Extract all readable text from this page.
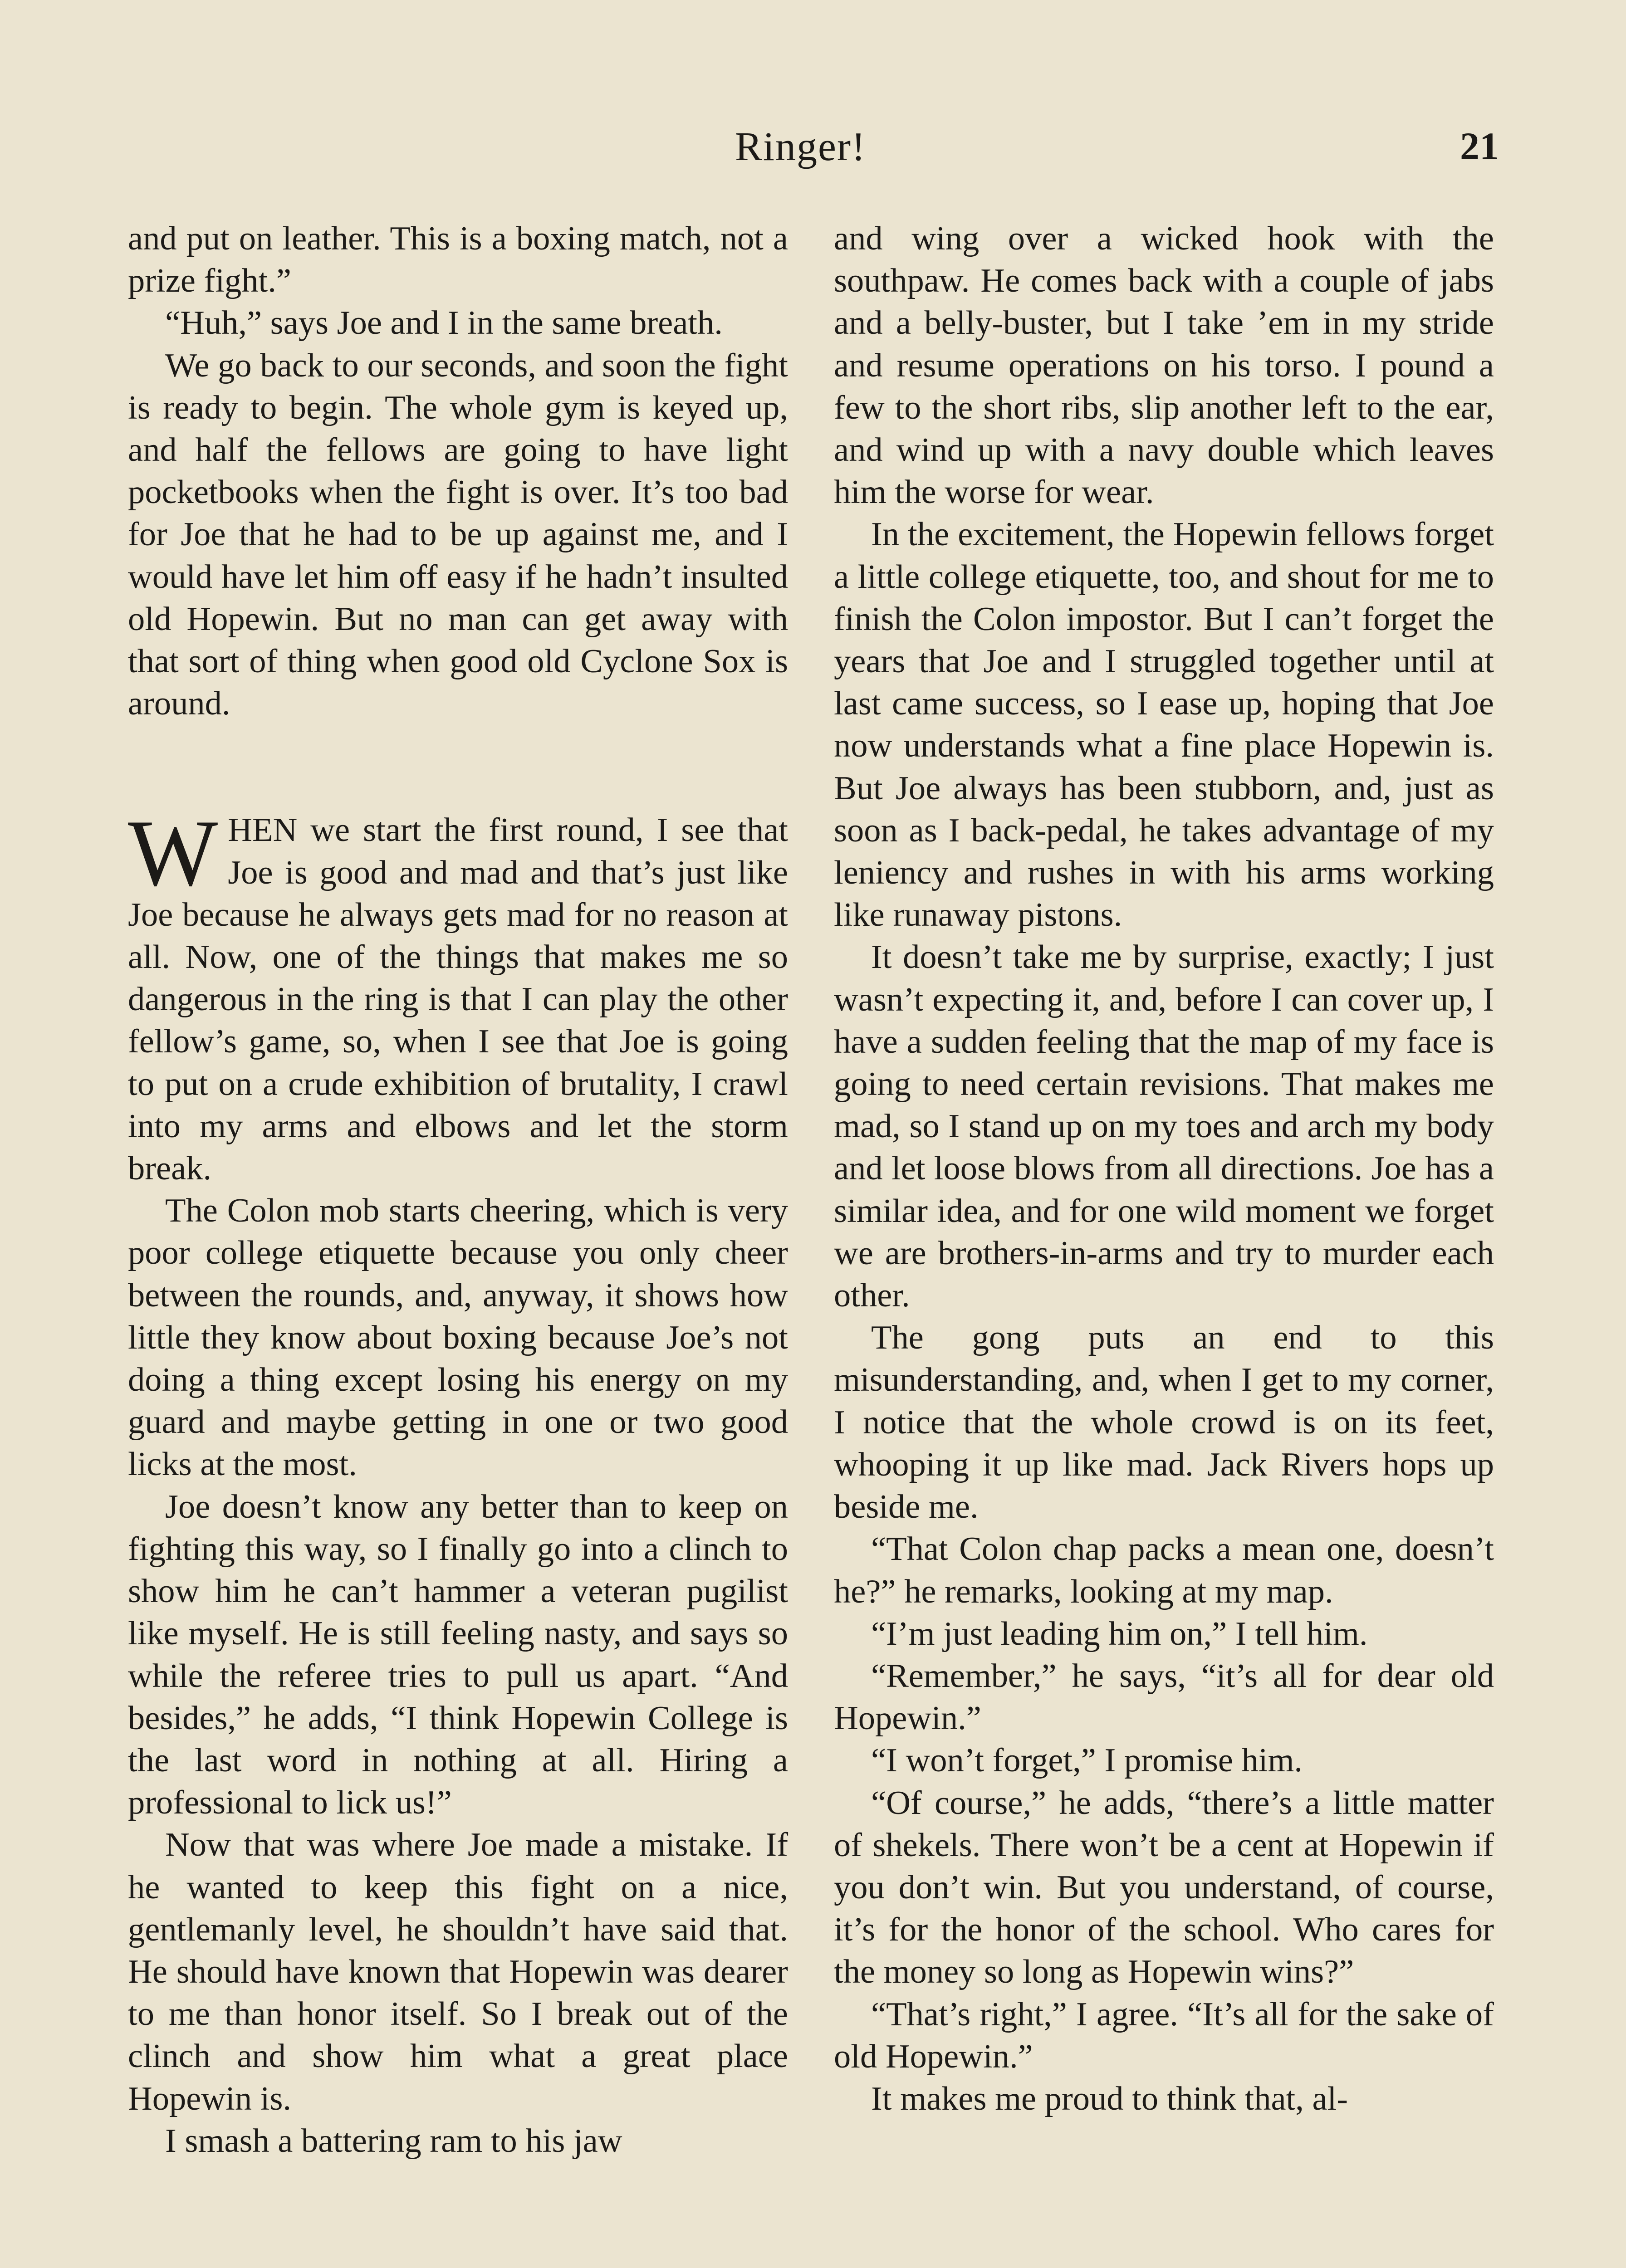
Ringer!	21

and put on leather. This is a boxing match, not a prize fight.”

“Huh,” says Joe and I in the same breath.

We go back to our seconds, and soon the fight is ready to begin. The whole gym is keyed up, and half the fellows are going to have light pocketbooks when the fight is over. It’s too bad for Joe that he had to be up against me, and I would have let him off easy if he hadn’t insulted old Hopewin. But no man can get away with that sort of thing when good old Cyclone Sox is around.

WHEN we start the first round, I see that Joe is good and mad and that’s just like Joe because he always gets mad for no reason at all. Now, one of the things that makes me so dangerous in the ring is that I can play the other fellow’s game, so, when I see that Joe is going to put on a crude exhibition of brutality, I crawl into my arms and elbows and let the storm break.

The Colon mob starts cheering, which is very poor college etiquette because you only cheer between the rounds, and, anyway, it shows how little they know about boxing because Joe’s not doing a thing except losing his energy on my guard and maybe getting in one or two good licks at the most.

Joe doesn’t know any better than to keep on fighting this way, so I finally go into a clinch to show him he can’t hammer a veteran pugilist like myself. He is still feeling nasty, and says so while the referee tries to pull us apart. “And besides,” he adds, “I think Hopewin College is the last word in nothing at all. Hiring a professional to lick us!”

Now that was where Joe made a mistake. If he wanted to keep this fight on a nice, gentlemanly level, he shouldn’t have said that. He should have known that Hopewin was dearer to me than honor itself. So I break out of the clinch and show him what a great place Hopewin is.

I smash a battering ram to his jaw

and wing over a wicked hook with the southpaw. He comes back with a couple of jabs and a belly-buster, but I take ’em in my stride and resume operations on his torso. I pound a few to the short ribs, slip another left to the ear, and wind up with a navy double which leaves him the worse for wear.

In the excitement, the Hopewin fellows forget a little college etiquette, too, and shout for me to finish the Colon impostor. But I can’t forget the years that Joe and I struggled together until at last came success, so I ease up, hoping that Joe now understands what a fine place Hopewin is. But Joe always has been stubborn, and, just as soon as I back-pedal, he takes advantage of my leniency and rushes in with his arms working like runaway pistons.

It doesn’t take me by surprise, exactly; I just wasn’t expecting it, and, before I can cover up, I have a sudden feeling that the map of my face is going to need certain revisions. That makes me mad, so I stand up on my toes and arch my body and let loose blows from all directions. Joe has a similar idea, and for one wild moment we forget we are brothers-in-arms and try to murder each other.

The gong puts an end to this misunderstanding, and, when I get to my corner, I notice that the whole crowd is on its feet, whooping it up like mad. Jack Rivers hops up beside me.

“That Colon chap packs a mean one, doesn’t he?” he remarks, looking at my map.

“I’m just leading him on,” I tell him.

“Remember,” he says, “it’s all for dear old Hopewin.”

“I won’t forget,” I promise him.

“Of course,” he adds, “there’s a little matter of shekels. There won’t be a cent at Hopewin if you don’t win. But you understand, of course, it’s for the honor of the school. Who cares for the money so long as Hopewin wins?”

“That’s right,” I agree. “It’s all for the sake of old Hopewin.”

It makes me proud to think that, al-
